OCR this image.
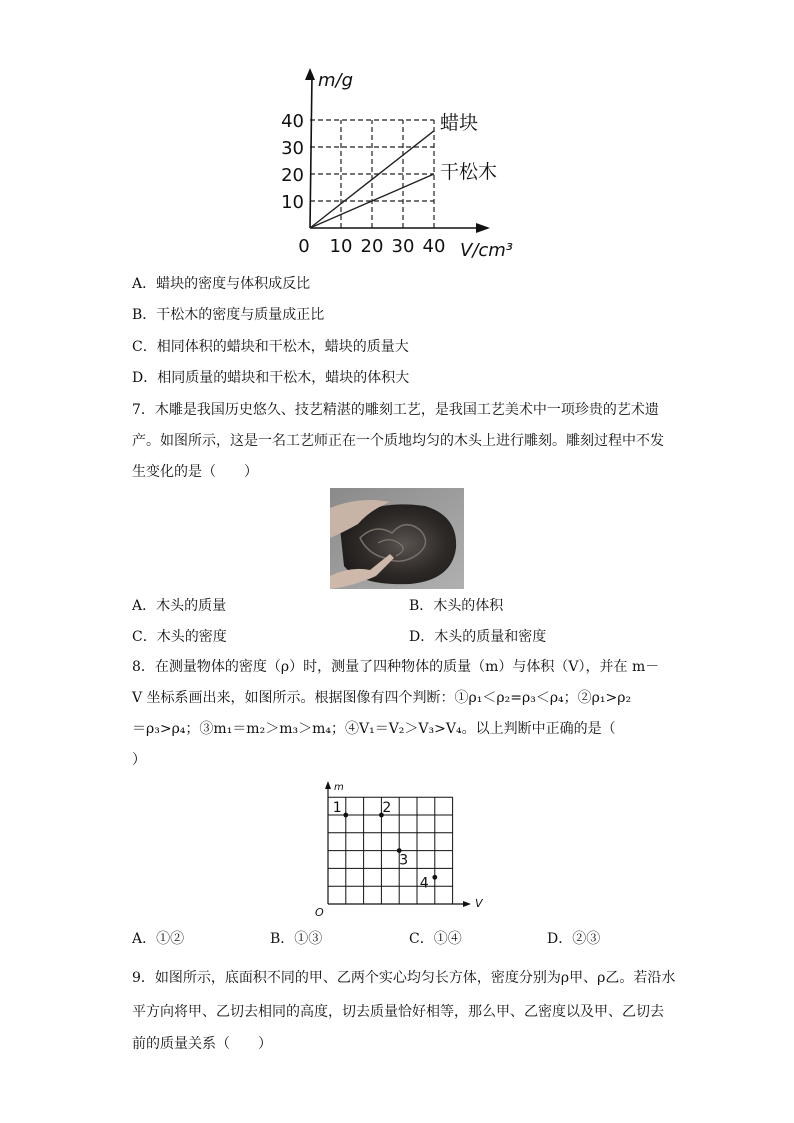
蜡块
干松木
10
20
30
40
0 10 20 30 40
m/g
V/cm³
A．蜡块的密度与体积成反比
B．干松木的密度与质量成正比
C．相同体积的蜡块和干松木，蜡块的质量大
D．相同质量的蜡块和干松木，蜡块的体积大
7．木雕是我国历史悠久、技艺精湛的雕刻工艺，是我国工艺美术中一项珍贵的艺术遗
产。如图所示，这是一名工艺师正在一个质地均匀的木头上进行雕刻。雕刻过程中不发
生变化的是（　　）
A．木头的质量	B．木头的体积
C．木头的密度	D．木头的质量和密度
8．在测量物体的密度（ρ）时，测量了四种物体的质量（m）与体积（V），并在 m－
V 坐标系画出来，如图所示。根据图像有四个判断：①ρ₁＜ρ₂=ρ₃＜ρ₄；②ρ₁>ρ₂
＝ρ₃>ρ₄；③m₁＝m₂＞m₃＞m₄；④V₁＝V₂＞V₃>V₄。以上判断中正确的是（
）
m
V
O
1	2
3
4
A．①②	B．①③	C．①④	D．②③
9．如图所示，底面积不同的甲、乙两个实心均匀长方体，密度分别为ρ甲、ρ乙。若沿水
平方向将甲、乙切去相同的高度，切去质量恰好相等，那么甲、乙密度以及甲、乙切去
前的质量关系（　　）
